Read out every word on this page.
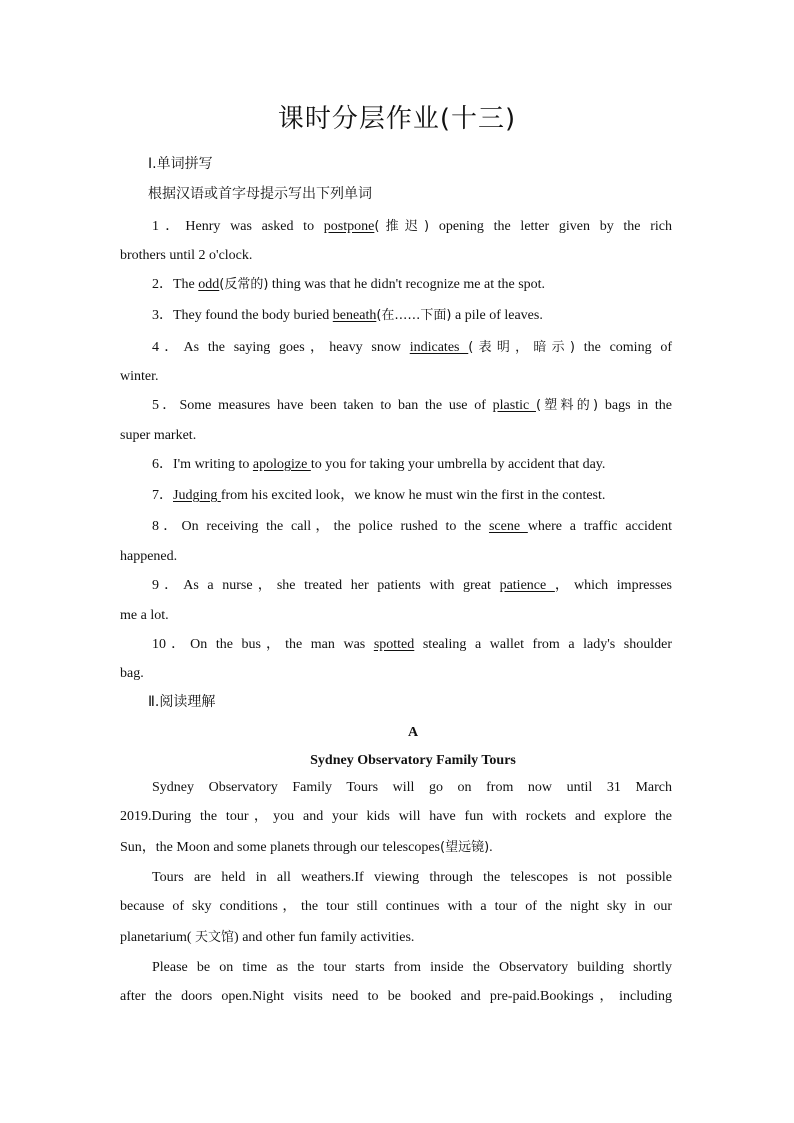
课时分层作业(十三)
Ⅰ.单词拼写
根据汉语或首字母提示写出下列单词
1．Henry was asked to postpone(推迟) opening the letter given by the rich
brothers until 2 o'clock.
2．The odd(反常的) thing was that he didn't recognize me at the spot.
3．They found the body buried beneath(在……下面) a pile of leaves.
4．As the saying goes，heavy snow indicates (表明，暗示) the coming of
winter.
5．Some measures have been taken to ban the use of plastic (塑料的) bags in the
super market.
6．I'm writing to apologize to you for taking your umbrella by accident that day.
7．Judging from his excited look，we know he must win the first in the contest.
8．On receiving the call，the police rushed to the scene where a traffic accident
happened.
9．As a nurse，she treated her patients with great patience ，which impresses
me a lot.
10．On the bus，the man was spotted stealing a wallet from a lady's shoulder
bag.
Ⅱ.阅读理解
A
Sydney Observatory Family Tours
Sydney Observatory Family Tours will go on from now until 31 March
2019.During the tour，you and your kids will have fun with rockets and explore the
Sun，the Moon and some planets through our telescopes(望远镜).
Tours are held in all weathers.If viewing through the telescopes is not possible
because of sky conditions，the tour still continues with a tour of the night sky in our
planetarium( 天文馆) and other fun family activities.
Please be on time as the tour starts from inside the Observatory building shortly
after the doors open.Night visits need to be booked and pre-paid.Bookings，including
